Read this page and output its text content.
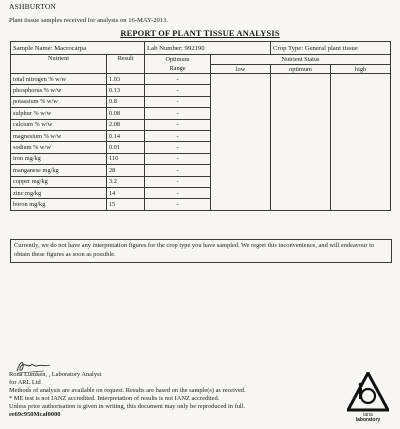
ASHBURTON
Plant tissue samples received for analysis on 16-MAY-2013.
REPORT OF PLANT TISSUE ANALYSIS
Sample Name: Macrocarpa		Lab Number: 992190		Crop Type: General plant tissue	
Nutrient	Result	Optimum	Nutrient Status		
		Range	low	optimum	high
total nitrogen % w/w	1.03	-			
phosphorus % w/w	0.13	-			
potassium % w/w	0.8	-			
sulphur % w/w	0.08	-			
calcium % w/w	2.08	-			
magnesium % w/w	0.14	-			
sodium % w/w	0.01	-			
iron mg/kg	110	-			
manganese mg/kg	28	-			
copper mg/kg	3.2	-			
zinc mg/kg	14	-			
boron mg/kg	15	-			
Currently, we do not have any interpretation figures for the crop type you have sampled. We regret this inconvenience, and will endeavour to obtain these figures as soon as possible.
Rona Lumken, , Laboratory Analyst
for ARL Ltd
Methods of analysis are available on request. Results are based on the sample(s) as received.
* ME test is not IANZ accredited. Interpretation of results is not IANZ accredited.
Unless prior authorisation is given in writing, this document may only be reproduced in full.
ee69c950Mcaf0000	iana
laboratory
